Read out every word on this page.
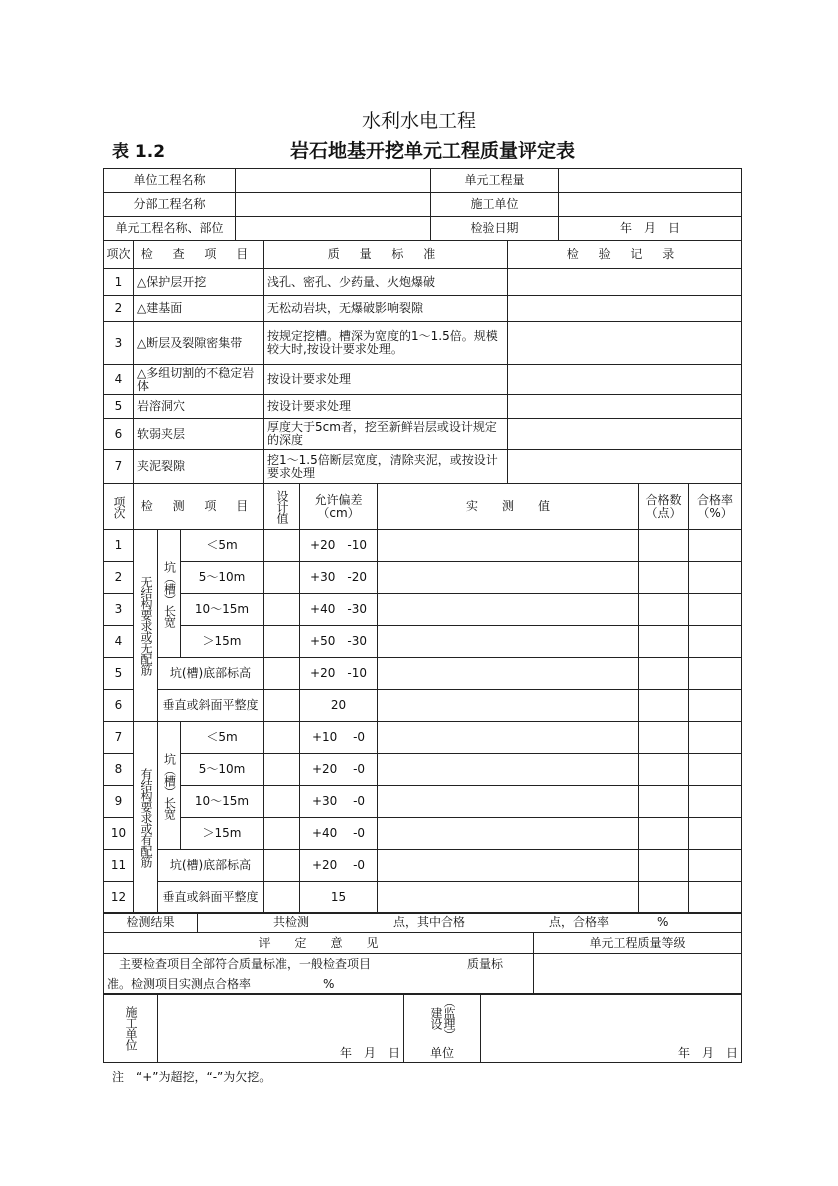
水利水电工程
表 1.2	岩石地基开挖单元工程质量评定表
单位工程名称		单元工程量	
分部工程名称		施工单位	
单元工程名称、部位		检验日期	年　月　日
项次	检 查 项 目	质 量 标 准	检 验 记 录
1	△保护层开挖	浅孔、密孔、少药量、火炮爆破	
2	△建基面	无松动岩块，无爆破影响裂隙	
3	△断层及裂隙密集带	按规定挖槽。槽深为宽度的1～1.5倍。规模较大时,按设计要求处理。	
4	△多组切割的不稳定岩体	按设计要求处理	
5	岩溶洞穴	按设计要求处理	
6	软弱夹层	厚度大于5cm者，挖至新鲜岩层或设计规定的深度	
7	夹泥裂隙	挖1～1.5倍断层宽度，清除夹泥，或按设计要求处理	
项次	检 测 项 目			设计值	允许偏差（cm）	实　　测　　值	合格数（点）	合格率（%）
1	无结构要求或无配筋	坑（槽）长宽	＜5m		+20　-10			
2			5～10m		+30　-20			
3			10～15m		+40　-30			
4			＞15m		+50　-30			
5		坑(槽)底部标高			+20　-10			
6		垂直或斜面平整度			20			
7	有结构要求或有配筋	坑（槽）长宽	＜5m		+10　 -0			
8			5～10m		+20　 -0			
9			10～15m		+30　 -0			
10			＞15m		+40　 -0			
11		坑(槽)底部标高			+20　 -0			
12		垂直或斜面平整度			15			
检测结果	共检测　　　　　　　点，其中合格　　　　　　　点，合格率　　　　%
评　　定　　意　　见	单元工程质量等级

　主要检查项目全部符合质量标准，一般检查项目　　　　　　　　质量标
准。检测项目实测点合格率　　　　　　%	

施工单位	年　月　日	
（监理）建设
单位	年　月　日
注　“+”为超挖，“-”为欠挖。
